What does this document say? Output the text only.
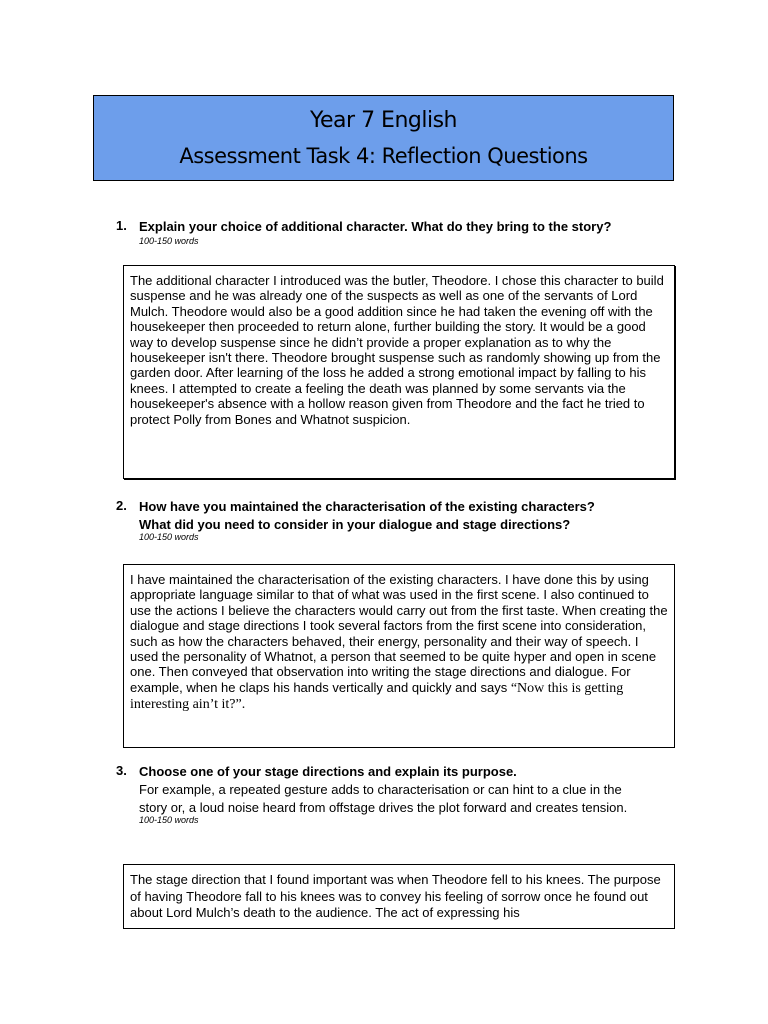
Year 7 English
Assessment Task 4: Reflection Questions
1. Explain your choice of additional character. What do they bring to the story?
100-150 words
The additional character I introduced was the butler, Theodore. I chose this character to build suspense and he was already one of the suspects as well as one of the servants of Lord Mulch. Theodore would also be a good addition since he had taken the evening off with the housekeeper then proceeded to return alone, further building the story. It would be a good way to develop suspense since he didn’t provide a proper explanation as to why the housekeeper isn't there. Theodore brought suspense such as randomly showing up from the garden door. After learning of the loss he added a strong emotional impact by falling to his knees. I attempted to create a feeling the death was planned by some servants via the housekeeper's absence with a hollow reason given from Theodore and the fact he tried to protect Polly from Bones and Whatnot suspicion.
2. How have you maintained the characterisation of the existing characters?
What did you need to consider in your dialogue and stage directions?
100-150 words
I have maintained the characterisation of the existing characters. I have done this by using appropriate language similar to that of what was used in the first scene. I also continued to use the actions I believe the characters would carry out from the first taste. When creating the dialogue and stage directions I took several factors from the first scene into consideration, such as how the characters behaved, their energy, personality and their way of speech. I used the personality of Whatnot, a person that seemed to be quite hyper and open in scene one. Then conveyed that observation into writing the stage directions and dialogue. For example, when he claps his hands vertically and quickly and says “Now this is getting interesting ain’t it?”.
3. Choose one of your stage directions and explain its purpose.
For example, a repeated gesture adds to characterisation or can hint to a clue in the
story or, a loud noise heard from offstage drives the plot forward and creates tension.
100-150 words
The stage direction that I found important was when Theodore fell to his knees. The purpose of having Theodore fall to his knees was to convey his feeling of sorrow once he found out about Lord Mulch’s death to the audience. The act of expressing his
